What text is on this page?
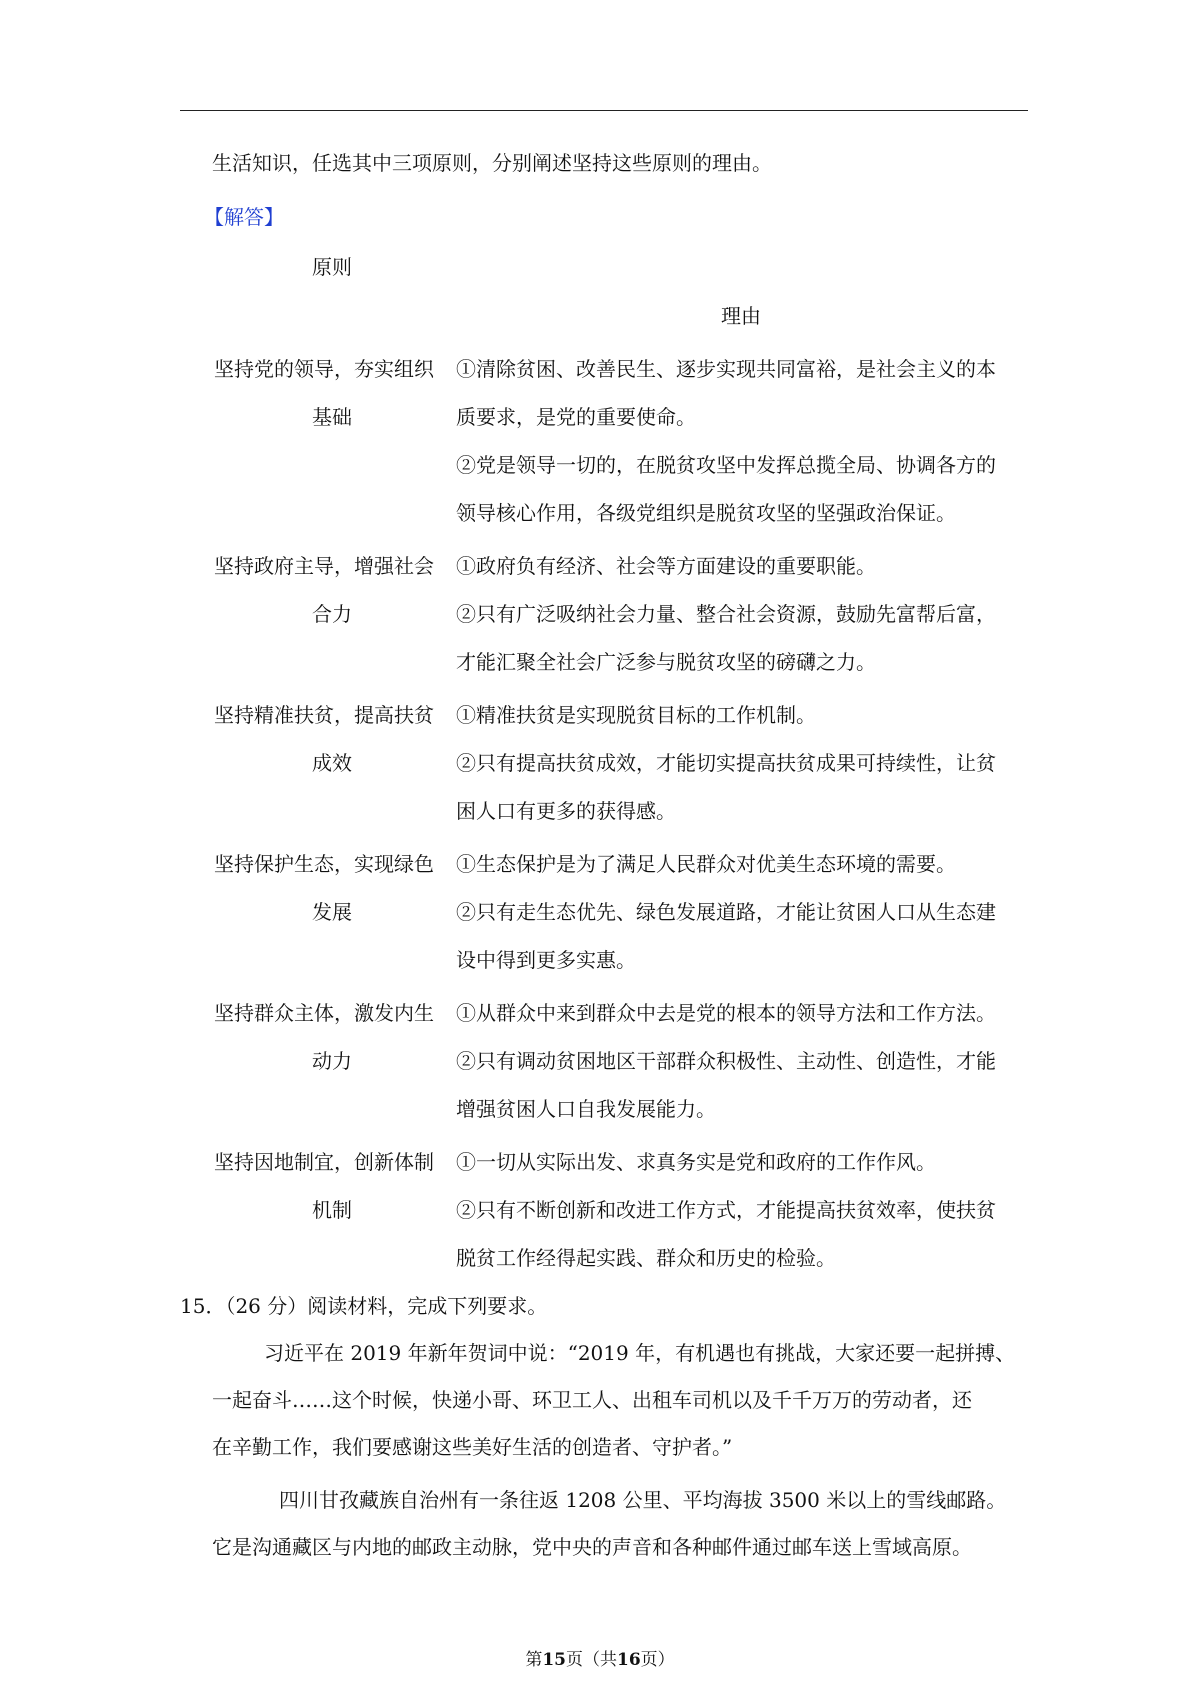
生活知识，任选其中三项原则，分别阐述坚持这些原则的理由。
【解答】
原则
理由
坚持党的领导，夯实组织
基础
①清除贫困、改善民生、逐步实现共同富裕，是社会主义的本
质要求，是党的重要使命。
②党是领导一切的，在脱贫攻坚中发挥总揽全局、协调各方的
领导核心作用，各级党组织是脱贫攻坚的坚强政治保证。
坚持政府主导，增强社会
合力
①政府负有经济、社会等方面建设的重要职能。
②只有广泛吸纳社会力量、整合社会资源，鼓励先富帮后富，
才能汇聚全社会广泛参与脱贫攻坚的磅礴之力。
坚持精准扶贫，提高扶贫
成效
①精准扶贫是实现脱贫目标的工作机制。
②只有提高扶贫成效，才能切实提高扶贫成果可持续性，让贫
困人口有更多的获得感。
坚持保护生态，实现绿色
发展
①生态保护是为了满足人民群众对优美生态环境的需要。
②只有走生态优先、绿色发展道路，才能让贫困人口从生态建
设中得到更多实惠。
坚持群众主体，激发内生
动力
①从群众中来到群众中去是党的根本的领导方法和工作方法。
②只有调动贫困地区干部群众积极性、主动性、创造性，才能
增强贫困人口自我发展能力。
坚持因地制宜，创新体制
机制
①一切从实际出发、求真务实是党和政府的工作作风。
②只有不断创新和改进工作方式，才能提高扶贫效率，使扶贫
脱贫工作经得起实践、群众和历史的检验。
15．（26 分）阅读材料，完成下列要求。
习近平在 2019 年新年贺词中说：“2019 年，有机遇也有挑战，大家还要一起拼搏、
一起奋斗……这个时候，快递小哥、环卫工人、出租车司机以及千千万万的劳动者，还
在辛勤工作，我们要感谢这些美好生活的创造者、守护者。”
四川甘孜藏族自治州有一条往返 1208 公里、平均海拔 3500 米以上的雪线邮路。
它是沟通藏区与内地的邮政主动脉，党中央的声音和各种邮件通过邮车送上雪域高原。
第15页（共16页）
